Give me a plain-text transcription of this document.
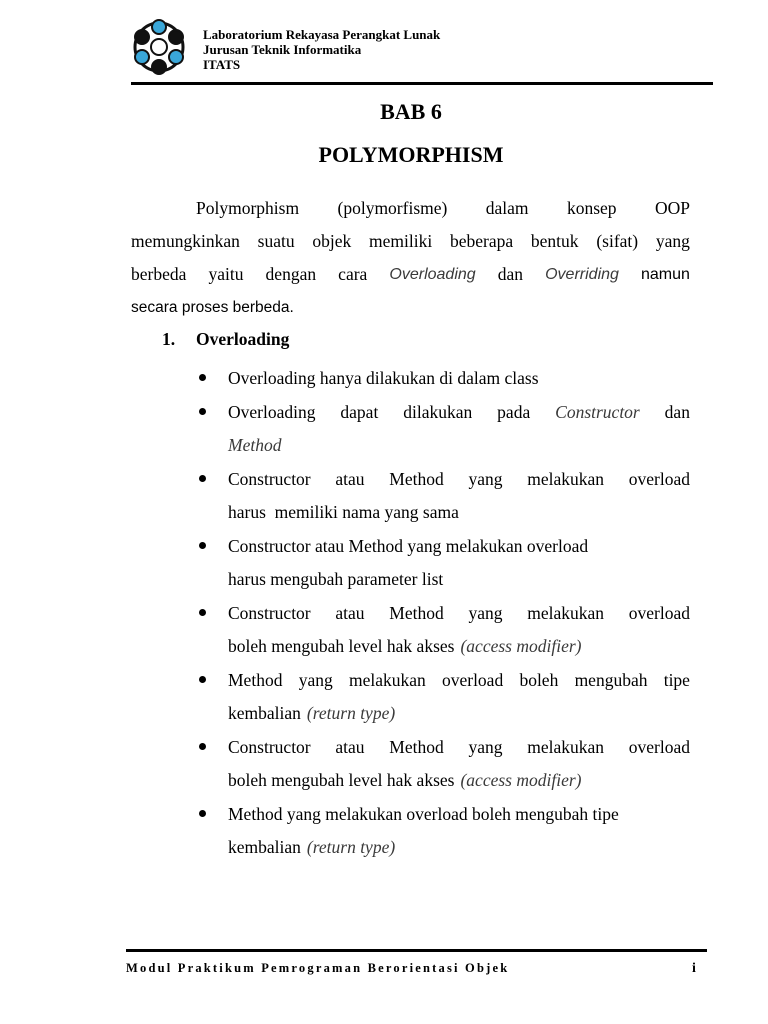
Laboratorium Rekayasa Perangkat Lunak
Jurusan Teknik Informatika
ITATS
BAB 6
POLYMORPHISM
Polymorphism (polymorfisme) dalam konsep OOP
memungkinkan suatu objek memiliki beberapa bentuk (sifat) yang
berbeda yaitu dengan cara Overloading dan Overriding namun
secara proses berbeda.
1. Overloading
Overloading hanya dilakukan di dalam class
Overloading dapat dilakukan pada Constructor dan
Method
Constructor atau Method yang melakukan overload
harus  memiliki nama yang sama
Constructor atau Method yang melakukan overload
harus mengubah parameter list
Constructor atau Method yang melakukan overload
boleh mengubah level hak akses (access modifier)
Method yang melakukan overload boleh mengubah tipe
kembalian (return type)
Constructor atau Method yang melakukan overload
boleh mengubah level hak akses (access modifier)
Method yang melakukan overload boleh mengubah tipe
kembalian (return type)
Modul Praktikum Pemrograman Berorientasi Objek	i
